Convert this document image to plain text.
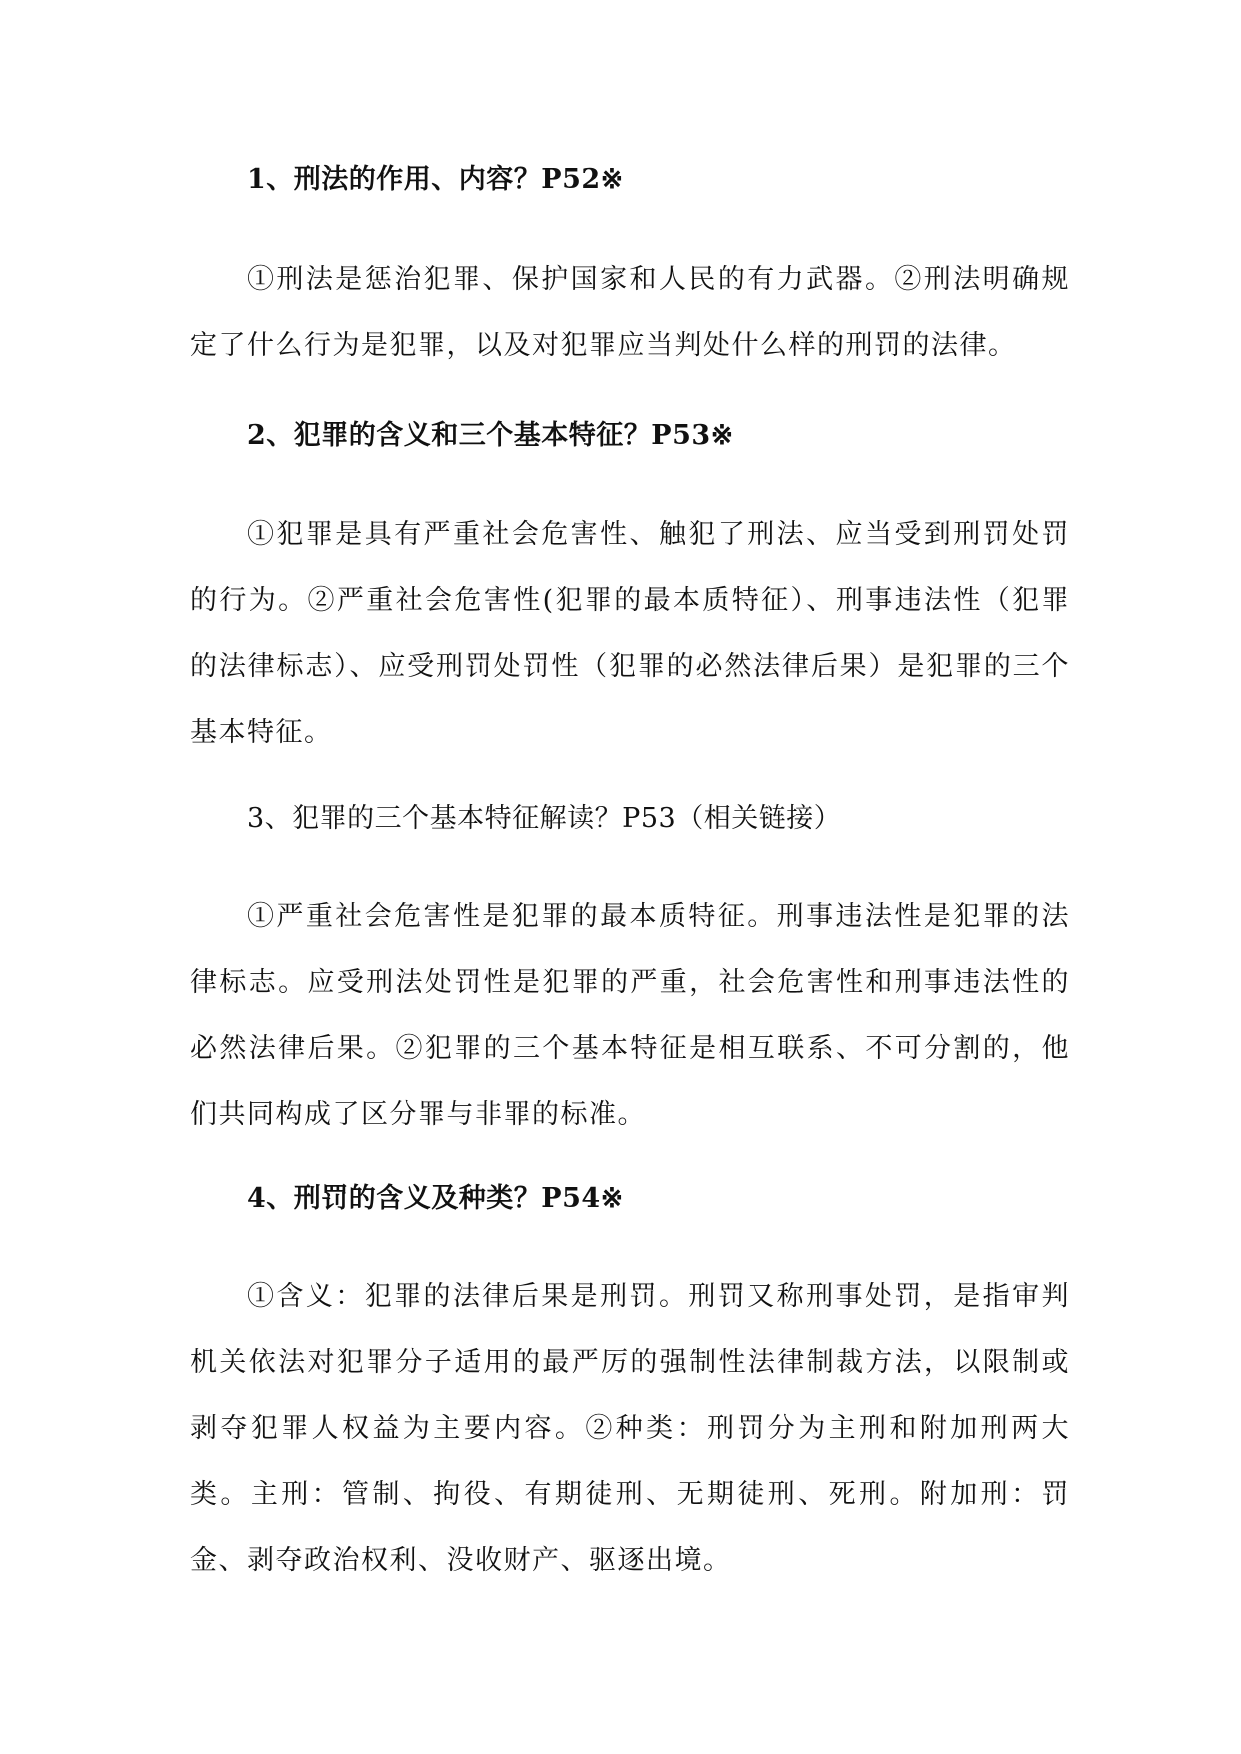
1、刑法的作用、内容？P52※

①刑法是惩治犯罪、保护国家和人民的有力武器。②刑法明确规定了什么行为是犯罪，以及对犯罪应当判处什么样的刑罚的法律。

2、犯罪的含义和三个基本特征？P53※

①犯罪是具有严重社会危害性、触犯了刑法、应当受到刑罚处罚的行为。②严重社会危害性(犯罪的最本质特征）、刑事违法性（犯罪的法律标志）、应受刑罚处罚性（犯罪的必然法律后果）是犯罪的三个基本特征。

3、犯罪的三个基本特征解读？P53（相关链接）

①严重社会危害性是犯罪的最本质特征。刑事违法性是犯罪的法律标志。应受刑法处罚性是犯罪的严重，社会危害性和刑事违法性的必然法律后果。②犯罪的三个基本特征是相互联系、不可分割的，他们共同构成了区分罪与非罪的标准。

4、刑罚的含义及种类？P54※

①含义：犯罪的法律后果是刑罚。刑罚又称刑事处罚，是指审判机关依法对犯罪分子适用的最严厉的强制性法律制裁方法，以限制或剥夺犯罪人权益为主要内容。②种类：刑罚分为主刑和附加刑两大类。主刑：管制、拘役、有期徒刑、无期徒刑、死刑。附加刑：罚金、剥夺政治权利、没收财产、驱逐出境。
